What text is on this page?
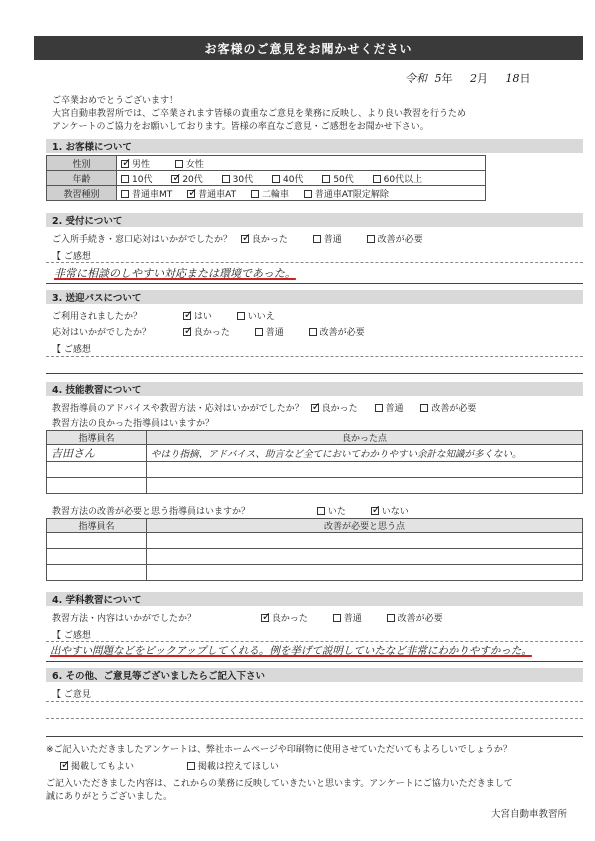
お客様のご意見をお聞かせください
令和 5年 2月 18日
ご卒業おめでとうございます！
大宮自動車教習所では、ご卒業されます皆様の貴重なご意見を業務に反映し、より良い教習を行うため
アンケートのご協力をお願いしております。皆様の率直なご意見・ご感想をお聞かせ下さい。
1. お客様について
性別	✓男性 女性
年齢	10代 ✓ 20代 30代 40代 50代 60代以上
教習種別	普通車MT ✓ 普通車AT 二輪車 普通車AT限定解除
2. 受付について
ご入所手続き・窓口応対はいかがでしたか？ ✓ 良かった	普通	改善が必要
【 ご感想
非常に相談のしやすい対応または環境であった。
3. 送迎バスについて
ご利用されましたか？ ✓	はい	いいえ
応対はいかがでしたか？ ✓	良かった	普通	改善が必要
【 ご感想
4. 技能教習について
教習指導員のアドバイスや教習方法・応対はいかがでしたか？ ✓ 良かった	普通	改善が必要
教習方法の良かった指導員はいますか？
指導員名	良かった点
吉田さん	やはり指摘、アドバイス、助言など全てにおいてわかりやすい余計な知識が多くない。

教習方法の改善が必要と思う指導員はいますか？	いた ✓	いない
指導員名	改善が必要と思う点

4. 学科教習について
教習方法・内容はいかがでしたか？ ✓	良かった	普通	改善が必要
【 ご感想
出やすい問題などをピックアップしてくれる。例を挙げて説明していたなど非常にわかりやすかった。
6. その他、ご意見等ございましたらご記入下さい
【 ご意見
※ご記入いただきましたアンケートは、弊社ホームページや印刷物に使用させていただいてもよろしいでしょうか？
✓掲載してもよい	掲載は控えてほしい
ご記入いただきました内容は、これからの業務に反映していきたいと思います。アンケートにご協力いただきまして
誠にありがとうございました。
大宮自動車教習所
